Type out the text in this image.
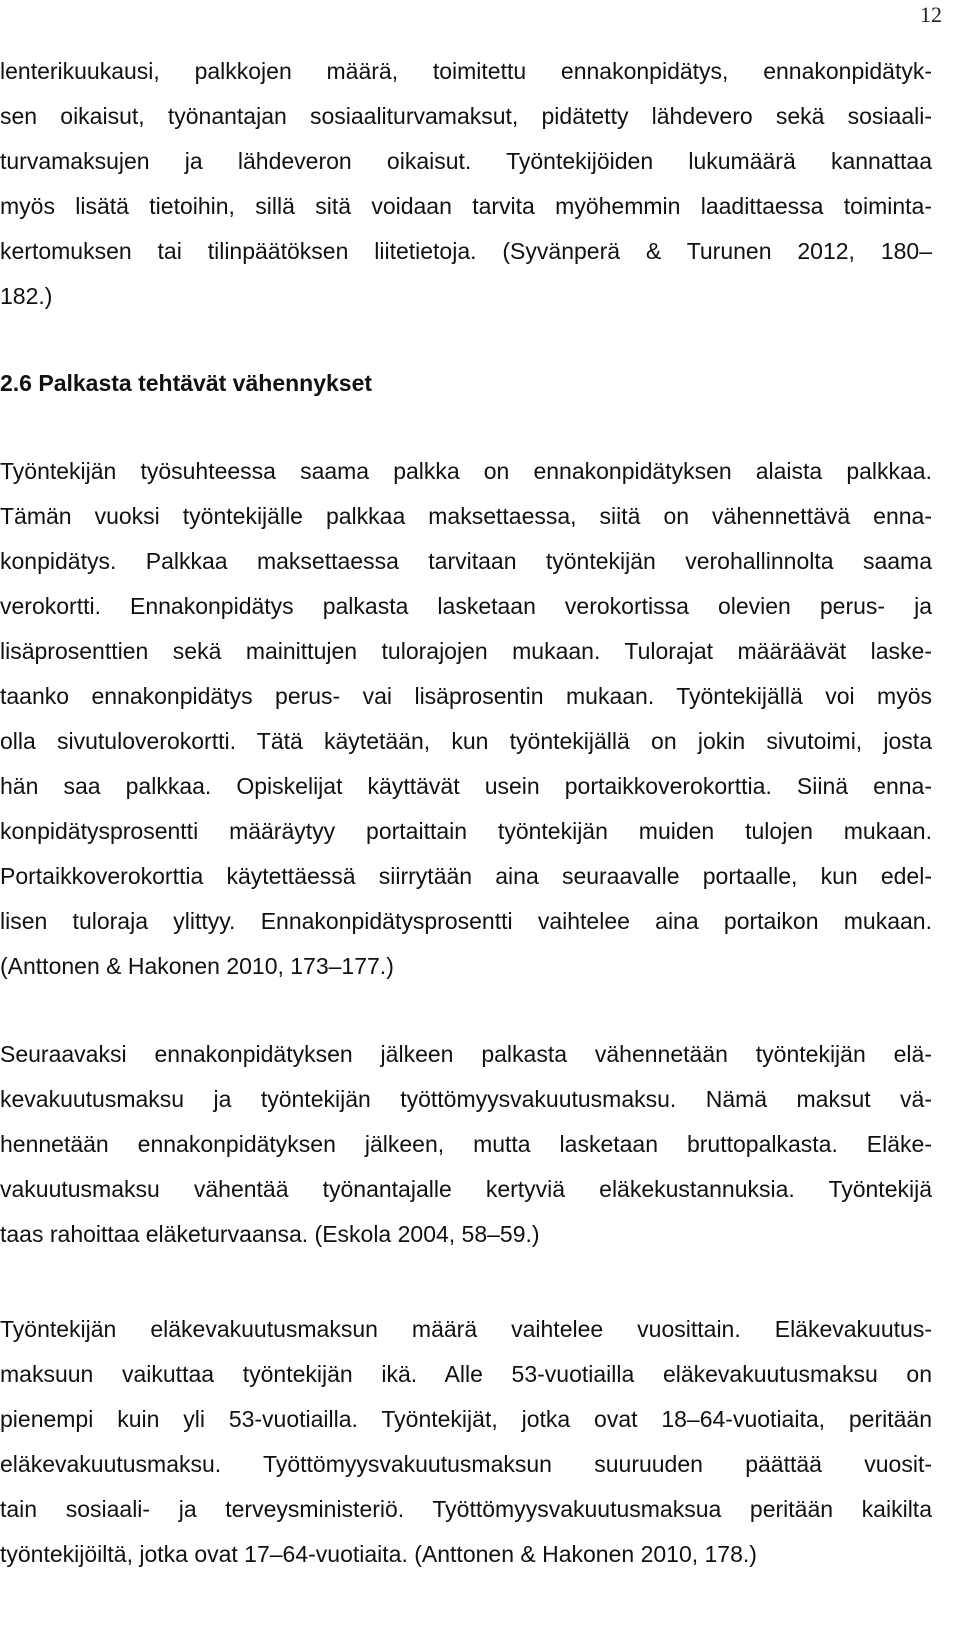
12
lenterikuukausi, palkkojen määrä, toimitettu ennakonpidätys, ennakonpidätyk-
sen oikaisut, työnantajan sosiaaliturvamaksut, pidätetty lähdevero sekä sosiaali-
turvamaksujen ja lähdeveron oikaisut. Työntekijöiden lukumäärä kannattaa
myös lisätä tietoihin, sillä sitä voidaan tarvita myöhemmin laadittaessa toiminta-
kertomuksen tai tilinpäätöksen liitetietoja. (Syvänperä & Turunen 2012, 180–
182.)
2.6 Palkasta tehtävät vähennykset
Työntekijän työsuhteessa saama palkka on ennakonpidätyksen alaista palkkaa.
Tämän vuoksi työntekijälle palkkaa maksettaessa, siitä on vähennettävä enna-
konpidätys. Palkkaa maksettaessa tarvitaan työntekijän verohallinnolta saama
verokortti. Ennakonpidätys palkasta lasketaan verokortissa olevien perus- ja
lisäprosenttien sekä mainittujen tulorajojen mukaan. Tulorajat määräävät laske-
taanko ennakonpidätys perus- vai lisäprosentin mukaan. Työntekijällä voi myös
olla sivutuloverokortti. Tätä käytetään, kun työntekijällä on jokin sivutoimi, josta
hän saa palkkaa. Opiskelijat käyttävät usein portaikkoverokorttia. Siinä enna-
konpidätysprosentti määräytyy portaittain työntekijän muiden tulojen mukaan.
Portaikkoverokorttia käytettäessä siirrytään aina seuraavalle portaalle, kun edel-
lisen tuloraja ylittyy. Ennakonpidätysprosentti vaihtelee aina portaikon mukaan.
(Anttonen & Hakonen 2010, 173–177.)
Seuraavaksi ennakonpidätyksen jälkeen palkasta vähennetään työntekijän elä-
kevakuutusmaksu ja työntekijän työttömyysvakuutusmaksu. Nämä maksut vä-
hennetään ennakonpidätyksen jälkeen, mutta lasketaan bruttopalkasta. Eläke-
vakuutusmaksu vähentää työnantajalle kertyviä eläkekustannuksia. Työntekijä
taas rahoittaa eläketurvaansa. (Eskola 2004, 58–59.)
Työntekijän eläkevakuutusmaksun määrä vaihtelee vuosittain. Eläkevakuutus-
maksuun vaikuttaa työntekijän ikä. Alle 53-vuotiailla eläkevakuutusmaksu on
pienempi kuin yli 53-vuotiailla. Työntekijät, jotka ovat 18–64-vuotiaita, peritään
eläkevakuutusmaksu. Työttömyysvakuutusmaksun suuruuden päättää vuosit-
tain sosiaali- ja terveysministeriö. Työttömyysvakuutusmaksua peritään kaikilta
työntekijöiltä, jotka ovat 17–64-vuotiaita. (Anttonen & Hakonen 2010, 178.)
